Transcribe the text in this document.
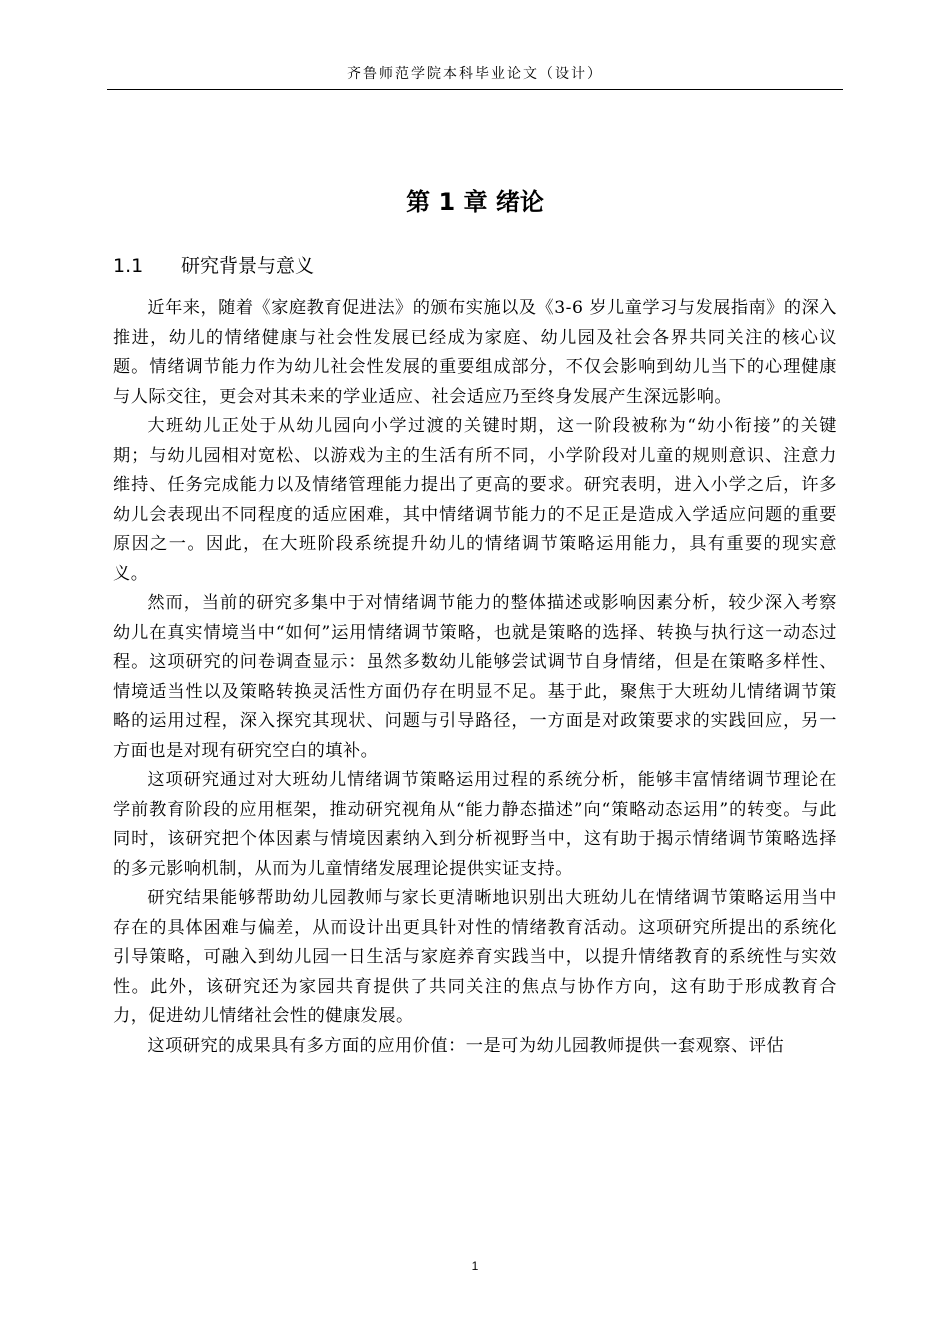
齐鲁师范学院本科毕业论文（设计）
第 1 章 绪论
1.1 研究背景与意义

近年来，随着《家庭教育促进法》的颁布实施以及《3-6 岁儿童学习与发展指南》的深入推进，幼儿的情绪健康与社会性发展已经成为家庭、幼儿园及社会各界共同关注的核心议题。情绪调节能力作为幼儿社会性发展的重要组成部分，不仅会影响到幼儿当下的心理健康与人际交往，更会对其未来的学业适应、社会适应乃至终身发展产生深远影响。

大班幼儿正处于从幼儿园向小学过渡的关键时期，这一阶段被称为“幼小衔接”的关键期；与幼儿园相对宽松、以游戏为主的生活有所不同，小学阶段对儿童的规则意识、注意力维持、任务完成能力以及情绪管理能力提出了更高的要求。研究表明，进入小学之后，许多幼儿会表现出不同程度的适应困难，其中情绪调节能力的不足正是造成入学适应问题的重要原因之一。因此，在大班阶段系统提升幼儿的情绪调节策略运用能力，具有重要的现实意义。

然而，当前的研究多集中于对情绪调节能力的整体描述或影响因素分析，较少深入考察幼儿在真实情境当中“如何”运用情绪调节策略，也就是策略的选择、转换与执行这一动态过程。这项研究的问卷调查显示：虽然多数幼儿能够尝试调节自身情绪，但是在策略多样性、情境适当性以及策略转换灵活性方面仍存在明显不足。基于此，聚焦于大班幼儿情绪调节策略的运用过程，深入探究其现状、问题与引导路径，一方面是对政策要求的实践回应，另一方面也是对现有研究空白的填补。

这项研究通过对大班幼儿情绪调节策略运用过程的系统分析，能够丰富情绪调节理论在学前教育阶段的应用框架，推动研究视角从“能力静态描述”向“策略动态运用”的转变。与此同时，该研究把个体因素与情境因素纳入到分析视野当中，这有助于揭示情绪调节策略选择的多元影响机制，从而为儿童情绪发展理论提供实证支持。

研究结果能够帮助幼儿园教师与家长更清晰地识别出大班幼儿在情绪调节策略运用当中存在的具体困难与偏差，从而设计出更具针对性的情绪教育活动。这项研究所提出的系统化引导策略，可融入到幼儿园一日生活与家庭养育实践当中，以提升情绪教育的系统性与实效性。此外，该研究还为家园共育提供了共同关注的焦点与协作方向，这有助于形成教育合力，促进幼儿情绪社会性的健康发展。

这项研究的成果具有多方面的应用价值：一是可为幼儿园教师提供一套观察、评估

1
